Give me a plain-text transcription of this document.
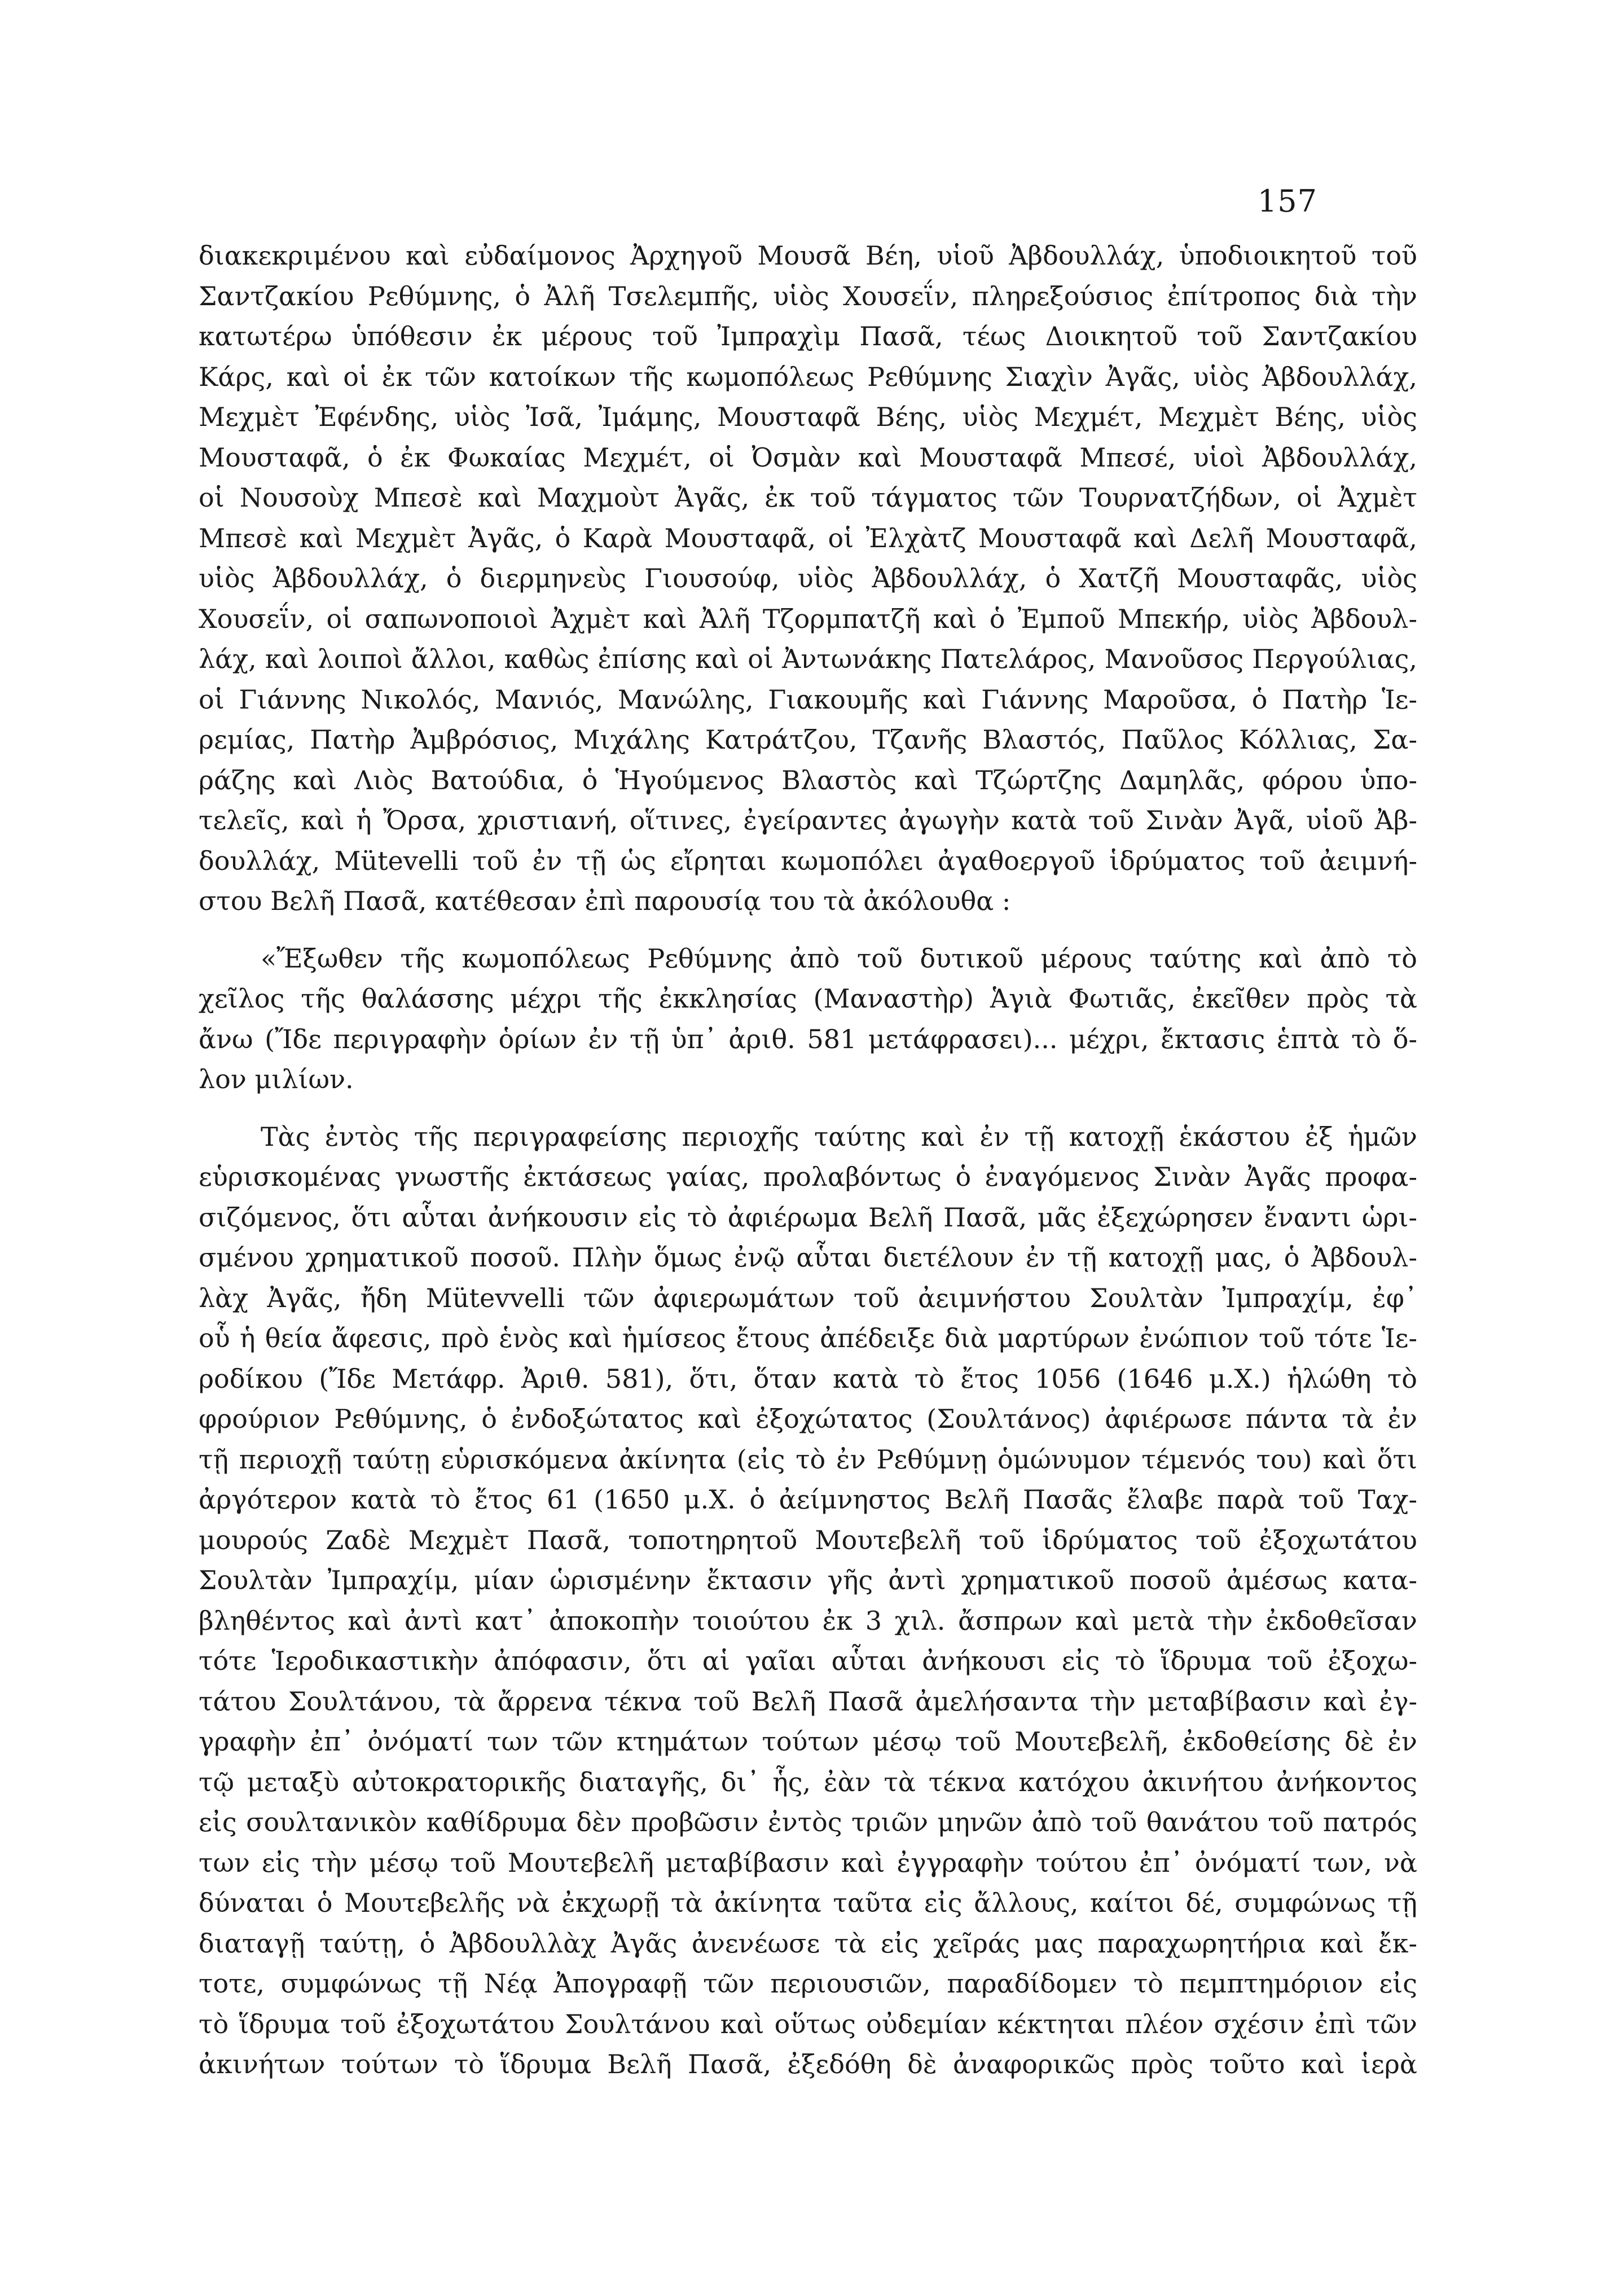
157
διακεκριμένου καὶ εὐδαίμονος Ἀρχηγοῦ Μουσᾶ Βέη, υἱοῦ Ἀβδουλλάχ, ὑποδιοικητοῦ τοῦ
Σαντζακίου Ρεθύμνης, ὁ Ἀλῆ Τσελεμπῆς, υἱὸς Χουσεΐν, πληρεξούσιος ἐπίτροπος διὰ τὴν
κατωτέρω ὑπόθεσιν ἐκ μέρους τοῦ Ἰμπραχὶμ Πασᾶ, τέως Διοικητοῦ τοῦ Σαντζακίου
Κάρς, καὶ οἱ ἐκ τῶν κατοίκων τῆς κωμοπόλεως Ρεθύμνης Σιαχὶν Ἀγᾶς, υἱὸς Ἀβδουλλάχ,
Μεχμὲτ Ἐφένδης, υἱὸς Ἰσᾶ, Ἰμάμης, Μουσταφᾶ Βέης, υἱὸς Μεχμέτ, Μεχμὲτ Βέης, υἱὸς
Μουσταφᾶ, ὁ ἐκ Φωκαίας Μεχμέτ, οἱ Ὀσμὰν καὶ Μουσταφᾶ Μπεσέ, υἱοὶ Ἀβδουλλάχ,
οἱ Νουσοὺχ Μπεσὲ καὶ Μαχμοὺτ Ἀγᾶς, ἐκ τοῦ τάγματος τῶν Τουρνατζήδων, οἱ Ἀχμὲτ
Μπεσὲ καὶ Μεχμὲτ Ἀγᾶς, ὁ Καρὰ Μουσταφᾶ, οἱ Ἐλχὰτζ Μουσταφᾶ καὶ Δελῆ Μουσταφᾶ,
υἱὸς Ἀβδουλλάχ, ὁ διερμηνεὺς Γιουσούφ, υἱὸς Ἀβδουλλάχ, ὁ Χατζῆ Μουσταφᾶς, υἱὸς
Χουσεΐν, οἱ σαπωνοποιοὶ Ἀχμὲτ καὶ Ἀλῆ Τζορμπατζῆ καὶ ὁ Ἐμποῦ Μπεκήρ, υἱὸς Ἀβδουλ-
λάχ, καὶ λοιποὶ ἄλλοι, καθὼς ἐπίσης καὶ οἱ Ἀντωνάκης Πατελάρος, Μανοῦσος Περγούλιας,
οἱ Γιάννης Νικολός, Μανιός, Μανώλης, Γιακουμῆς καὶ Γιάννης Μαροῦσα, ὁ Πατὴρ Ἱε-
ρεμίας, Πατὴρ Ἀμβρόσιος, Μιχάλης Κατράτζου, Τζανῆς Βλαστός, Παῦλος Κόλλιας, Σα-
ράζης καὶ Λιὸς Βατούδια, ὁ Ἡγούμενος Βλαστὸς καὶ Τζώρτζης Δαμηλᾶς, φόρου ὑπο-
τελεῖς, καὶ ἡ Ὄρσα, χριστιανή, οἵτινες, ἐγείραντες ἀγωγὴν κατὰ τοῦ Σινὰν Ἀγᾶ, υἱοῦ Ἀβ-
δουλλάχ, Mütevelli τοῦ ἐν τῇ ὡς εἴρηται κωμοπόλει ἀγαθοεργοῦ ἱδρύματος τοῦ ἀειμνή-
στου Βελῆ Πασᾶ, κατέθεσαν ἐπὶ παρουσίᾳ του τὰ ἀκόλουθα :
«Ἔξωθεν τῆς κωμοπόλεως Ρεθύμνης ἀπὸ τοῦ δυτικοῦ μέρους ταύτης καὶ ἀπὸ τὸ
χεῖλος τῆς θαλάσσης μέχρι τῆς ἐκκλησίας (Μαναστὴρ) Ἁγιὰ Φωτιᾶς, ἐκεῖθεν πρὸς τὰ
ἄνω (Ἴδε περιγραφὴν ὁρίων ἐν τῇ ὑπ᾽ ἀριθ. 581 μετάφρασει)... μέχρι, ἔκτασις ἑπτὰ τὸ ὅ-
λον μιλίων.
Τὰς ἐντὸς τῆς περιγραφείσης περιοχῆς ταύτης καὶ ἐν τῇ κατοχῇ ἑκάστου ἐξ ἡμῶν
εὑρισκομένας γνωστῆς ἐκτάσεως γαίας, προλαβόντως ὁ ἐναγόμενος Σινὰν Ἀγᾶς προφα-
σιζόμενος, ὅτι αὗται ἀνήκουσιν εἰς τὸ ἀφιέρωμα Βελῆ Πασᾶ, μᾶς ἐξεχώρησεν ἔναντι ὡρι-
σμένου χρηματικοῦ ποσοῦ. Πλὴν ὅμως ἐνῷ αὗται διετέλουν ἐν τῇ κατοχῇ μας, ὁ Ἀβδουλ-
λὰχ Ἀγᾶς, ἤδη Mütevvelli τῶν ἀφιερωμάτων τοῦ ἀειμνήστου Σουλτὰν Ἰμπραχίμ, ἐφ᾽
οὗ ἡ θεία ἄφεσις, πρὸ ἑνὸς καὶ ἡμίσεος ἔτους ἀπέδειξε διὰ μαρτύρων ἐνώπιον τοῦ τότε Ἱε-
ροδίκου (Ἴδε Μετάφρ. Ἀριθ. 581), ὅτι, ὅταν κατὰ τὸ ἔτος 1056 (1646 μ.Χ.) ἡλώθη τὸ
φρούριον Ρεθύμνης, ὁ ἐνδοξώτατος καὶ ἐξοχώτατος (Σουλτάνος) ἀφιέρωσε πάντα τὰ ἐν
τῇ περιοχῇ ταύτῃ εὑρισκόμενα ἀκίνητα (εἰς τὸ ἐν Ρεθύμνῃ ὁμώνυμον τέμενός του) καὶ ὅτι
ἀργότερον κατὰ τὸ ἔτος 61 (1650 μ.Χ. ὁ ἀείμνηστος Βελῆ Πασᾶς ἔλαβε παρὰ τοῦ Ταχ-
μουρούς Ζαδὲ Μεχμὲτ Πασᾶ, τοποτηρητοῦ Μουτεβελῆ τοῦ ἱδρύματος τοῦ ἐξοχωτάτου
Σουλτὰν Ἰμπραχίμ, μίαν ὡρισμένην ἔκτασιν γῆς ἀντὶ χρηματικοῦ ποσοῦ ἀμέσως κατα-
βληθέντος καὶ ἀντὶ κατ᾽ ἀποκοπὴν τοιούτου ἐκ 3 χιλ. ἄσπρων καὶ μετὰ τὴν ἐκδοθεῖσαν
τότε Ἱεροδικαστικὴν ἀπόφασιν, ὅτι αἱ γαῖαι αὗται ἀνήκουσι εἰς τὸ ἵδρυμα τοῦ ἐξοχω-
τάτου Σουλτάνου, τὰ ἄρρενα τέκνα τοῦ Βελῆ Πασᾶ ἀμελήσαντα τὴν μεταβίβασιν καὶ ἐγ-
γραφὴν ἐπ᾽ ὀνόματί των τῶν κτημάτων τούτων μέσῳ τοῦ Μουτεβελῆ, ἐκδοθείσης δὲ ἐν
τῷ μεταξὺ αὐτοκρατορικῆς διαταγῆς, δι᾽ ἧς, ἐὰν τὰ τέκνα κατόχου ἀκινήτου ἀνήκοντος
εἰς σουλτανικὸν καθίδρυμα δὲν προβῶσιν ἐντὸς τριῶν μηνῶν ἀπὸ τοῦ θανάτου τοῦ πατρός
των εἰς τὴν μέσῳ τοῦ Μουτεβελῆ μεταβίβασιν καὶ ἐγγραφὴν τούτου ἐπ᾽ ὀνόματί των, νὰ
δύναται ὁ Μουτεβελῆς νὰ ἐκχωρῇ τὰ ἀκίνητα ταῦτα εἰς ἄλλους, καίτοι δέ, συμφώνως τῇ
διαταγῇ ταύτῃ, ὁ Ἀβδουλλὰχ Ἀγᾶς ἀνενέωσε τὰ εἰς χεῖράς μας παραχωρητήρια καὶ ἔκ-
τοτε, συμφώνως τῇ Νέᾳ Ἀπογραφῇ τῶν περιουσιῶν, παραδίδομεν τὸ πεμπτημόριον εἰς
τὸ ἵδρυμα τοῦ ἐξοχωτάτου Σουλτάνου καὶ οὕτως οὐδεμίαν κέκτηται πλέον σχέσιν ἐπὶ τῶν
ἀκινήτων τούτων τὸ ἵδρυμα Βελῆ Πασᾶ, ἐξεδόθη δὲ ἀναφορικῶς πρὸς τοῦτο καὶ ἱερὰ
